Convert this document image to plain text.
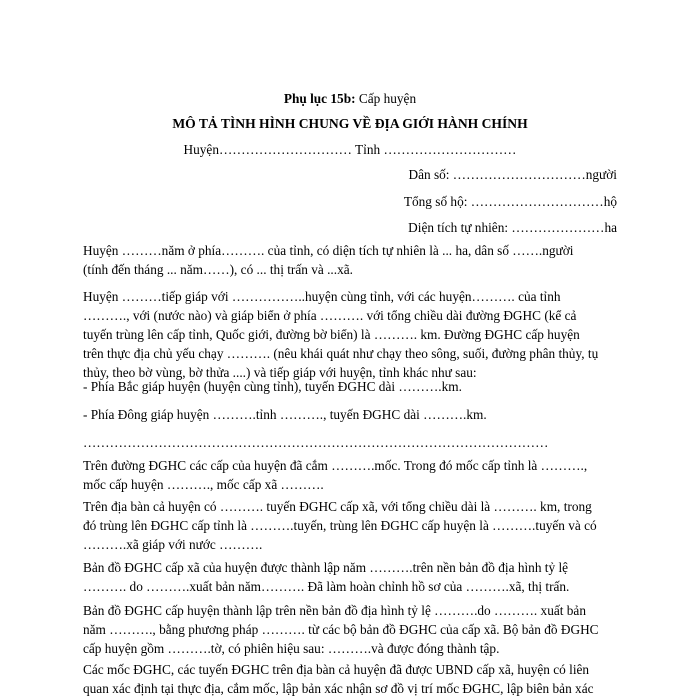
Phụ lục 15b: Cấp huyện

MÔ TẢ TÌNH HÌNH CHUNG VỀ ĐỊA GIỚI HÀNH CHÍNH

Huyện………………………… Tỉnh …………………………

Dân số: …………………………người

Tổng số hộ: …………………………hộ

Diện tích tự nhiên: …………………ha

Huyện ………năm ở phía………. của tỉnh, có diện tích tự nhiên là ... ha, dân số …….người
(tính đến tháng ... năm……), có ... thị trấn và ...xã.
Huyện ………tiếp giáp với ……………..huyện cùng tỉnh, với các huyện………. của tỉnh
………., với (nước nào) và giáp biển ở phía ………. với tổng chiều dài đường ĐGHC (kể cả
tuyến trùng lên cấp tỉnh, Quốc giới, đường bờ biển) là ………. km. Đường ĐGHC cấp huyện
trên thực địa chủ yếu chạy ………. (nêu khái quát như chạy theo sông, suối, đường phân thủy, tụ
thủy, theo bờ vùng, bờ thửa ....) và tiếp giáp với huyện, tỉnh khác như sau:
- Phía Bắc giáp huyện (huyện cùng tỉnh), tuyến ĐGHC dài ……….km.
- Phía Đông giáp huyện ……….tỉnh ………., tuyến ĐGHC dài ……….km.
……………………………………………………………………………………………
Trên đường ĐGHC các cấp của huyện đã cắm ……….mốc. Trong đó mốc cấp tỉnh là ……….,
mốc cấp huyện ………., mốc cấp xã ……….
Trên địa bàn cả huyện có ………. tuyến ĐGHC cấp xã, với tổng chiều dài là ………. km, trong
đó trùng lên ĐGHC cấp tỉnh là ……….tuyến, trùng lên ĐGHC cấp huyện là ……….tuyến và có
……….xã giáp với nước ……….
Bản đồ ĐGHC cấp xã của huyện được thành lập năm ……….trên nền bản đồ địa hình tỷ lệ
………. do ……….xuất bản năm………. Đã làm hoàn chỉnh hồ sơ của ……….xã, thị trấn.
Bản đồ ĐGHC cấp huyện thành lập trên nền bản đồ địa hình tỷ lệ ……….do ………. xuất bản
năm ………., bằng phương pháp ………. từ các bộ bản đồ ĐGHC của cấp xã. Bộ bản đồ ĐGHC
cấp huyện gồm ……….tờ, có phiên hiệu sau: ……….và được đóng thành tập.
Các mốc ĐGHC, các tuyến ĐGHC trên địa bàn cả huyện đã được UBND cấp xã, huyện có liên
quan xác định tại thực địa, cắm mốc, lập bản xác nhận sơ đồ vị trí mốc ĐGHC, lập biên bản xác
